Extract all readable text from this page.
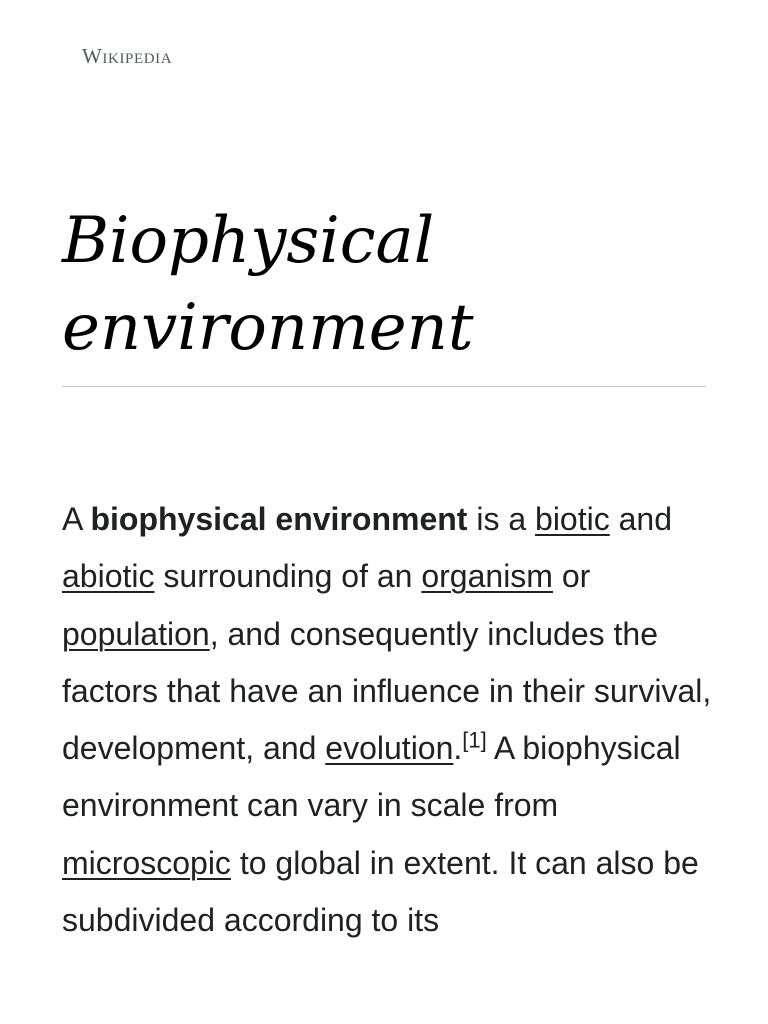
Wikipedia
Biophysical environment

A biophysical environment is a biotic and abiotic surrounding of an organism or population, and consequently includes the factors that have an influence in their survival, development, and evolution.[1] A biophysical environment can vary in scale from microscopic to global in extent. It can also be subdivided according to its
